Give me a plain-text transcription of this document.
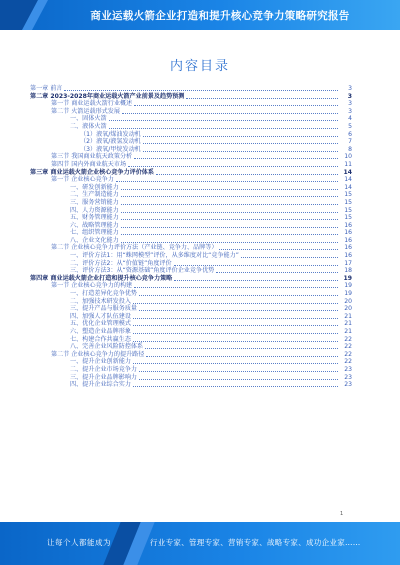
商业运载火箭企业打造和提升核心竞争力策略研究报告
内容目录
第一章 前言	3
第二章 2023-2028年商业运载火箭产业前景及趋势预测	3
第一节 商业运载火箭行业概述	3
第二节 火箭运载形式发展	3
一、固体火箭	4
二、液体火箭	5
（1）液氧/煤油发动机	6
（2）液氧/液氢发动机	7
（3）液氧/甲烷发动机	8
第三节 我国商业航天政策分析	10
第四节 国内外商业航天市场	11
第三章 商业运载火箭企业核心竞争力评价体系	14
第一节 企业核心竞争力	14
一、研发创新能力	14
二、生产制造能力	15
三、服务营销能力	15
四、人力资源能力	15
五、财务管理能力	15
六、战略管理能力	16
七、组织管理能力	16
八、企业文化能力	16
第二节 企业核心竞争力评价方法（产业链、竞争力、品牌等）	16
一、评价方法1：用“蛛网模型”评价，从多维度对比“竞争能力”	16
二、评价方法2：从“价值链”角度评价	17
三、评价方法3：从“资源基础”角度评价企业竞争优势	18
第四章 商业运载火箭企业打造和提升核心竞争力策略	19
第一节 企业核心竞争力的构建	19
一、打造差异化竞争优势	19
二、加强技术研发投入	20
三、提升产品与服务质量	20
四、加强人才队伍建设	21
五、优化企业管理模式	21
六、塑造企业品牌形象	21
七、构建合作共赢生态	22
八、完善企业风险防控体系	22
第二节 企业核心竞争力的提升路径	22
一、提升企业创新能力	22
二、提升企业市场竞争力	23
三、提升企业品牌影响力	23
四、提升企业综合实力	23
1
让每个人都能成为	行业专家、管理专家、营销专家、战略专家、成功企业家……
